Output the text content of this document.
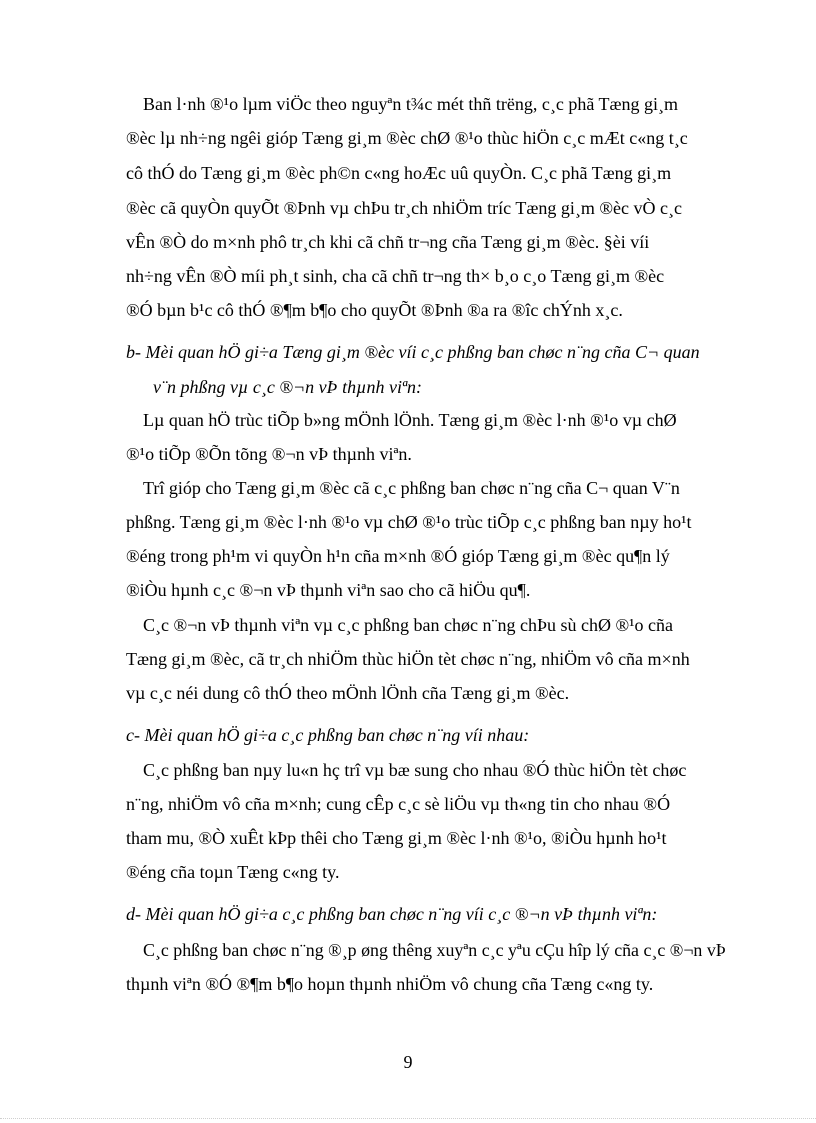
Ban l·nh ®¹o lµm viÖc theo nguyªn t¾c mét thñ trëng, c¸c phã Tæng gi¸m
®èc lµ nh÷ng ngêi gióp Tæng gi¸m ®èc chØ ®¹o thùc hiÖn c¸c mÆt c«ng t¸c
cô thÓ do Tæng gi¸m ®èc ph©n c«ng hoÆc uû quyÒn. C¸c phã Tæng gi¸m
®èc cã quyÒn quyÕt ®Þnh vµ chÞu tr¸ch nhiÖm tríc Tæng gi¸m ®èc vÒ c¸c
vÊn ®Ò do m×nh phô tr¸ch khi cã chñ tr¬ng cña Tæng gi¸m ®èc. §èi víi
nh÷ng vÊn ®Ò míi ph¸t sinh, cha cã chñ tr¬ng th× b¸o c¸o Tæng gi¸m ®èc
®Ó bµn b¹c cô thÓ ®¶m b¶o cho quyÕt ®Þnh ®a ra ®îc chÝnh x¸c.
b- Mèi quan hÖ gi÷a Tæng gi¸m ®èc víi c¸c phßng ban chøc n¨ng cña C¬ quan
v¨n phßng vµ c¸c ®¬n vÞ thµnh viªn:
Lµ quan hÖ trùc tiÕp b»ng mÖnh lÖnh. Tæng gi¸m ®èc l·nh ®¹o vµ chØ
®¹o tiÕp ®Õn tõng ®¬n vÞ thµnh viªn.
Trî gióp cho Tæng gi¸m ®èc cã c¸c phßng ban chøc n¨ng cña C¬ quan V¨n
phßng. Tæng gi¸m ®èc l·nh ®¹o vµ chØ ®¹o trùc tiÕp c¸c phßng ban nµy ho¹t
®éng trong ph¹m vi quyÒn h¹n cña m×nh ®Ó gióp Tæng gi¸m ®èc qu¶n lý
®iÒu hµnh c¸c ®¬n vÞ thµnh viªn sao cho cã hiÖu qu¶.
C¸c ®¬n vÞ thµnh viªn vµ c¸c phßng ban chøc n¨ng chÞu sù chØ ®¹o cña
Tæng gi¸m ®èc, cã tr¸ch nhiÖm thùc hiÖn tèt chøc n¨ng, nhiÖm vô cña m×nh
vµ c¸c néi dung cô thÓ theo mÖnh lÖnh cña Tæng gi¸m ®èc.
c- Mèi quan hÖ gi÷a c¸c phßng ban chøc n¨ng víi nhau:
C¸c phßng ban nµy lu«n hç trî vµ bæ sung cho nhau ®Ó thùc hiÖn tèt chøc
n¨ng, nhiÖm vô cña m×nh; cung cÊp c¸c sè liÖu vµ th«ng tin cho nhau ®Ó
tham mu, ®Ò xuÊt kÞp thêi cho Tæng gi¸m ®èc l·nh ®¹o, ®iÒu hµnh ho¹t
®éng cña toµn Tæng c«ng ty.
d- Mèi quan hÖ gi÷a c¸c phßng ban chøc n¨ng víi c¸c ®¬n vÞ thµnh viªn:
C¸c phßng ban chøc n¨ng ®¸p øng thêng xuyªn c¸c yªu cÇu hîp lý cña c¸c ®¬n vÞ
thµnh viªn ®Ó ®¶m b¶o hoµn thµnh nhiÖm vô chung cña Tæng c«ng ty.
9
